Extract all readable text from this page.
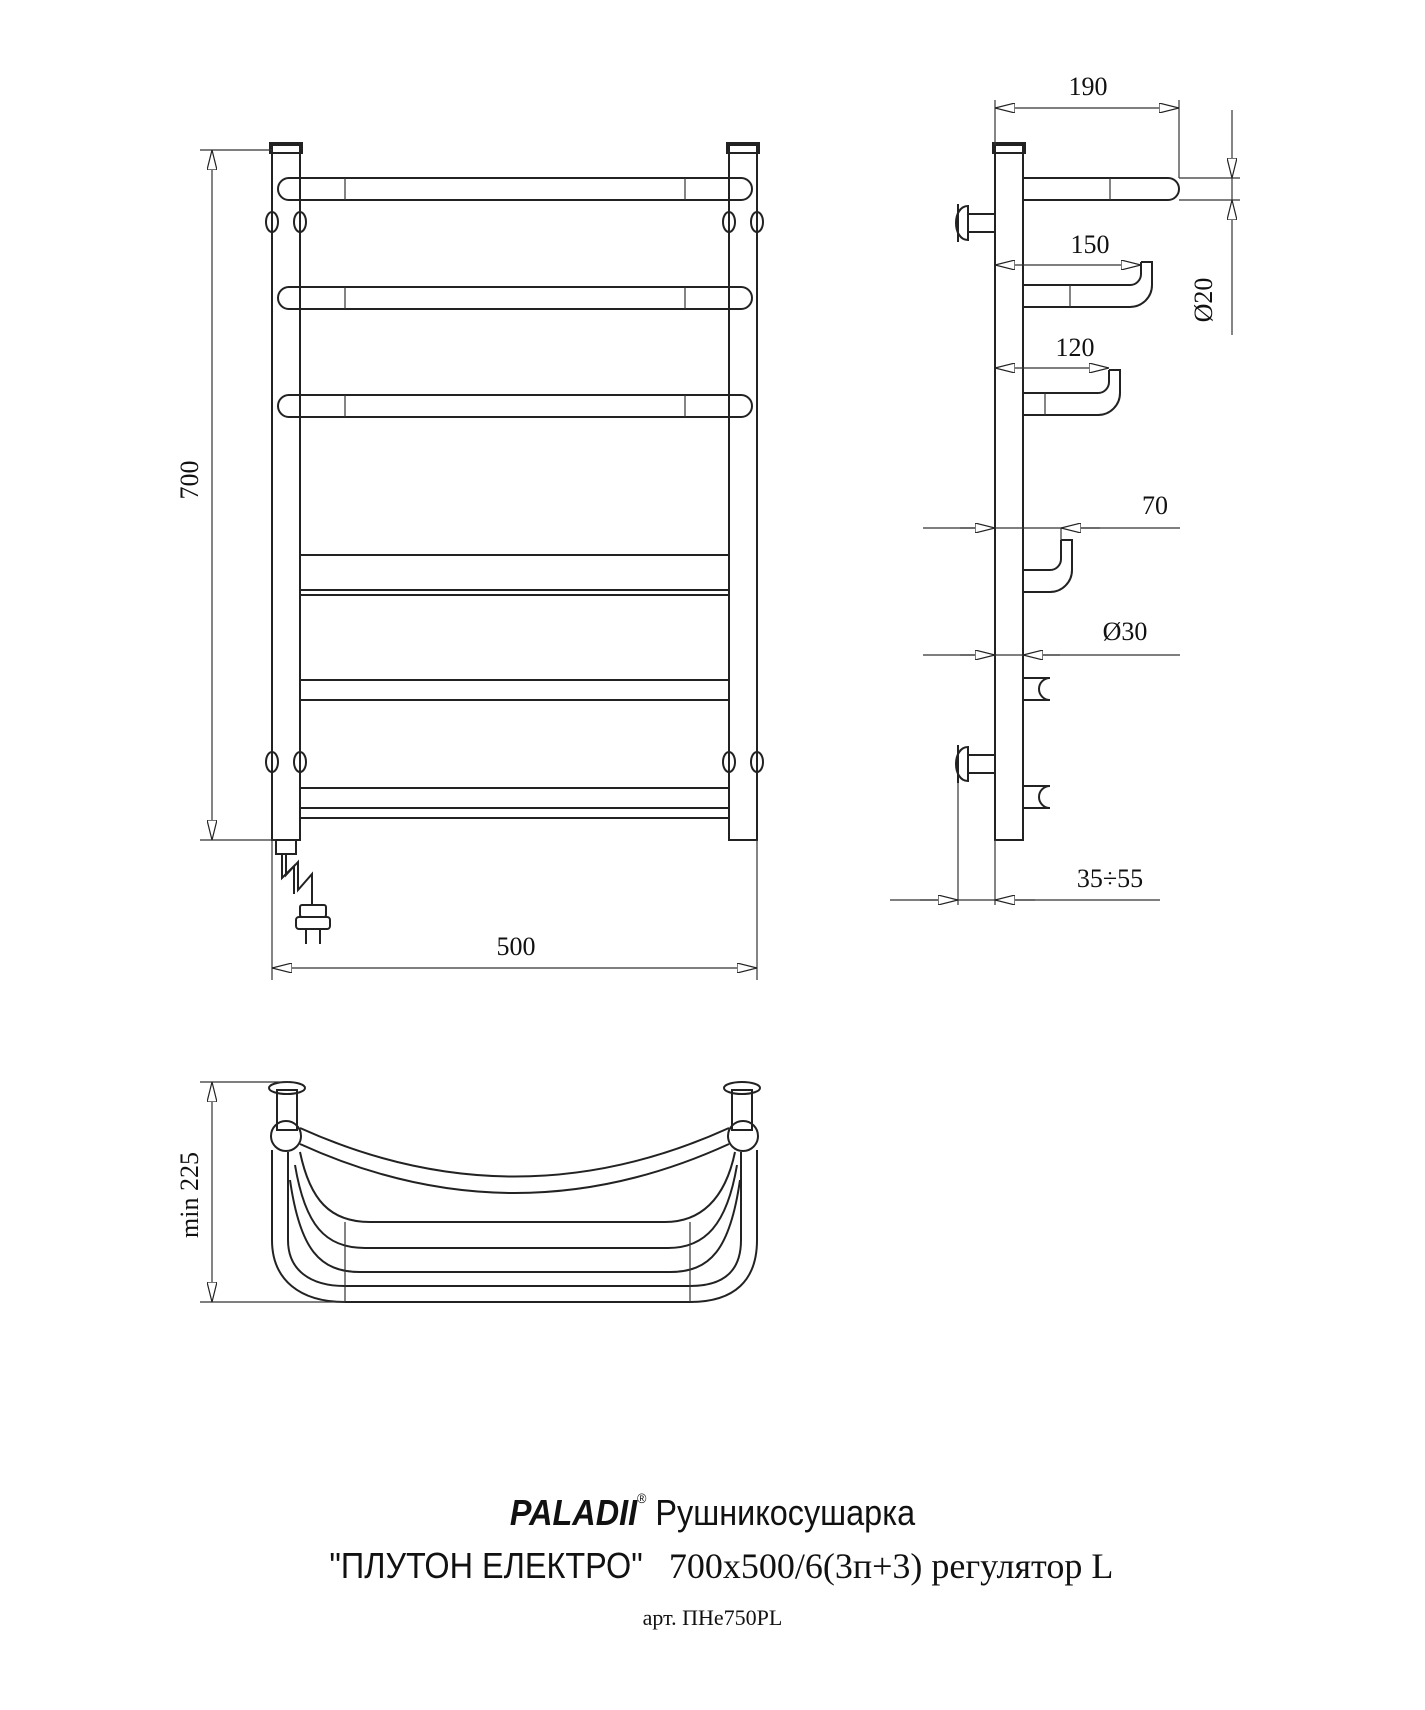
700
500
190
150
120
Ø20
70
Ø30
35÷55
min 225
PALADII® Рушникосушарка
"ПЛУТОН ЕЛЕКТРО" 700х500/6(3п+3) регулятор L
арт. ПНе750PL
